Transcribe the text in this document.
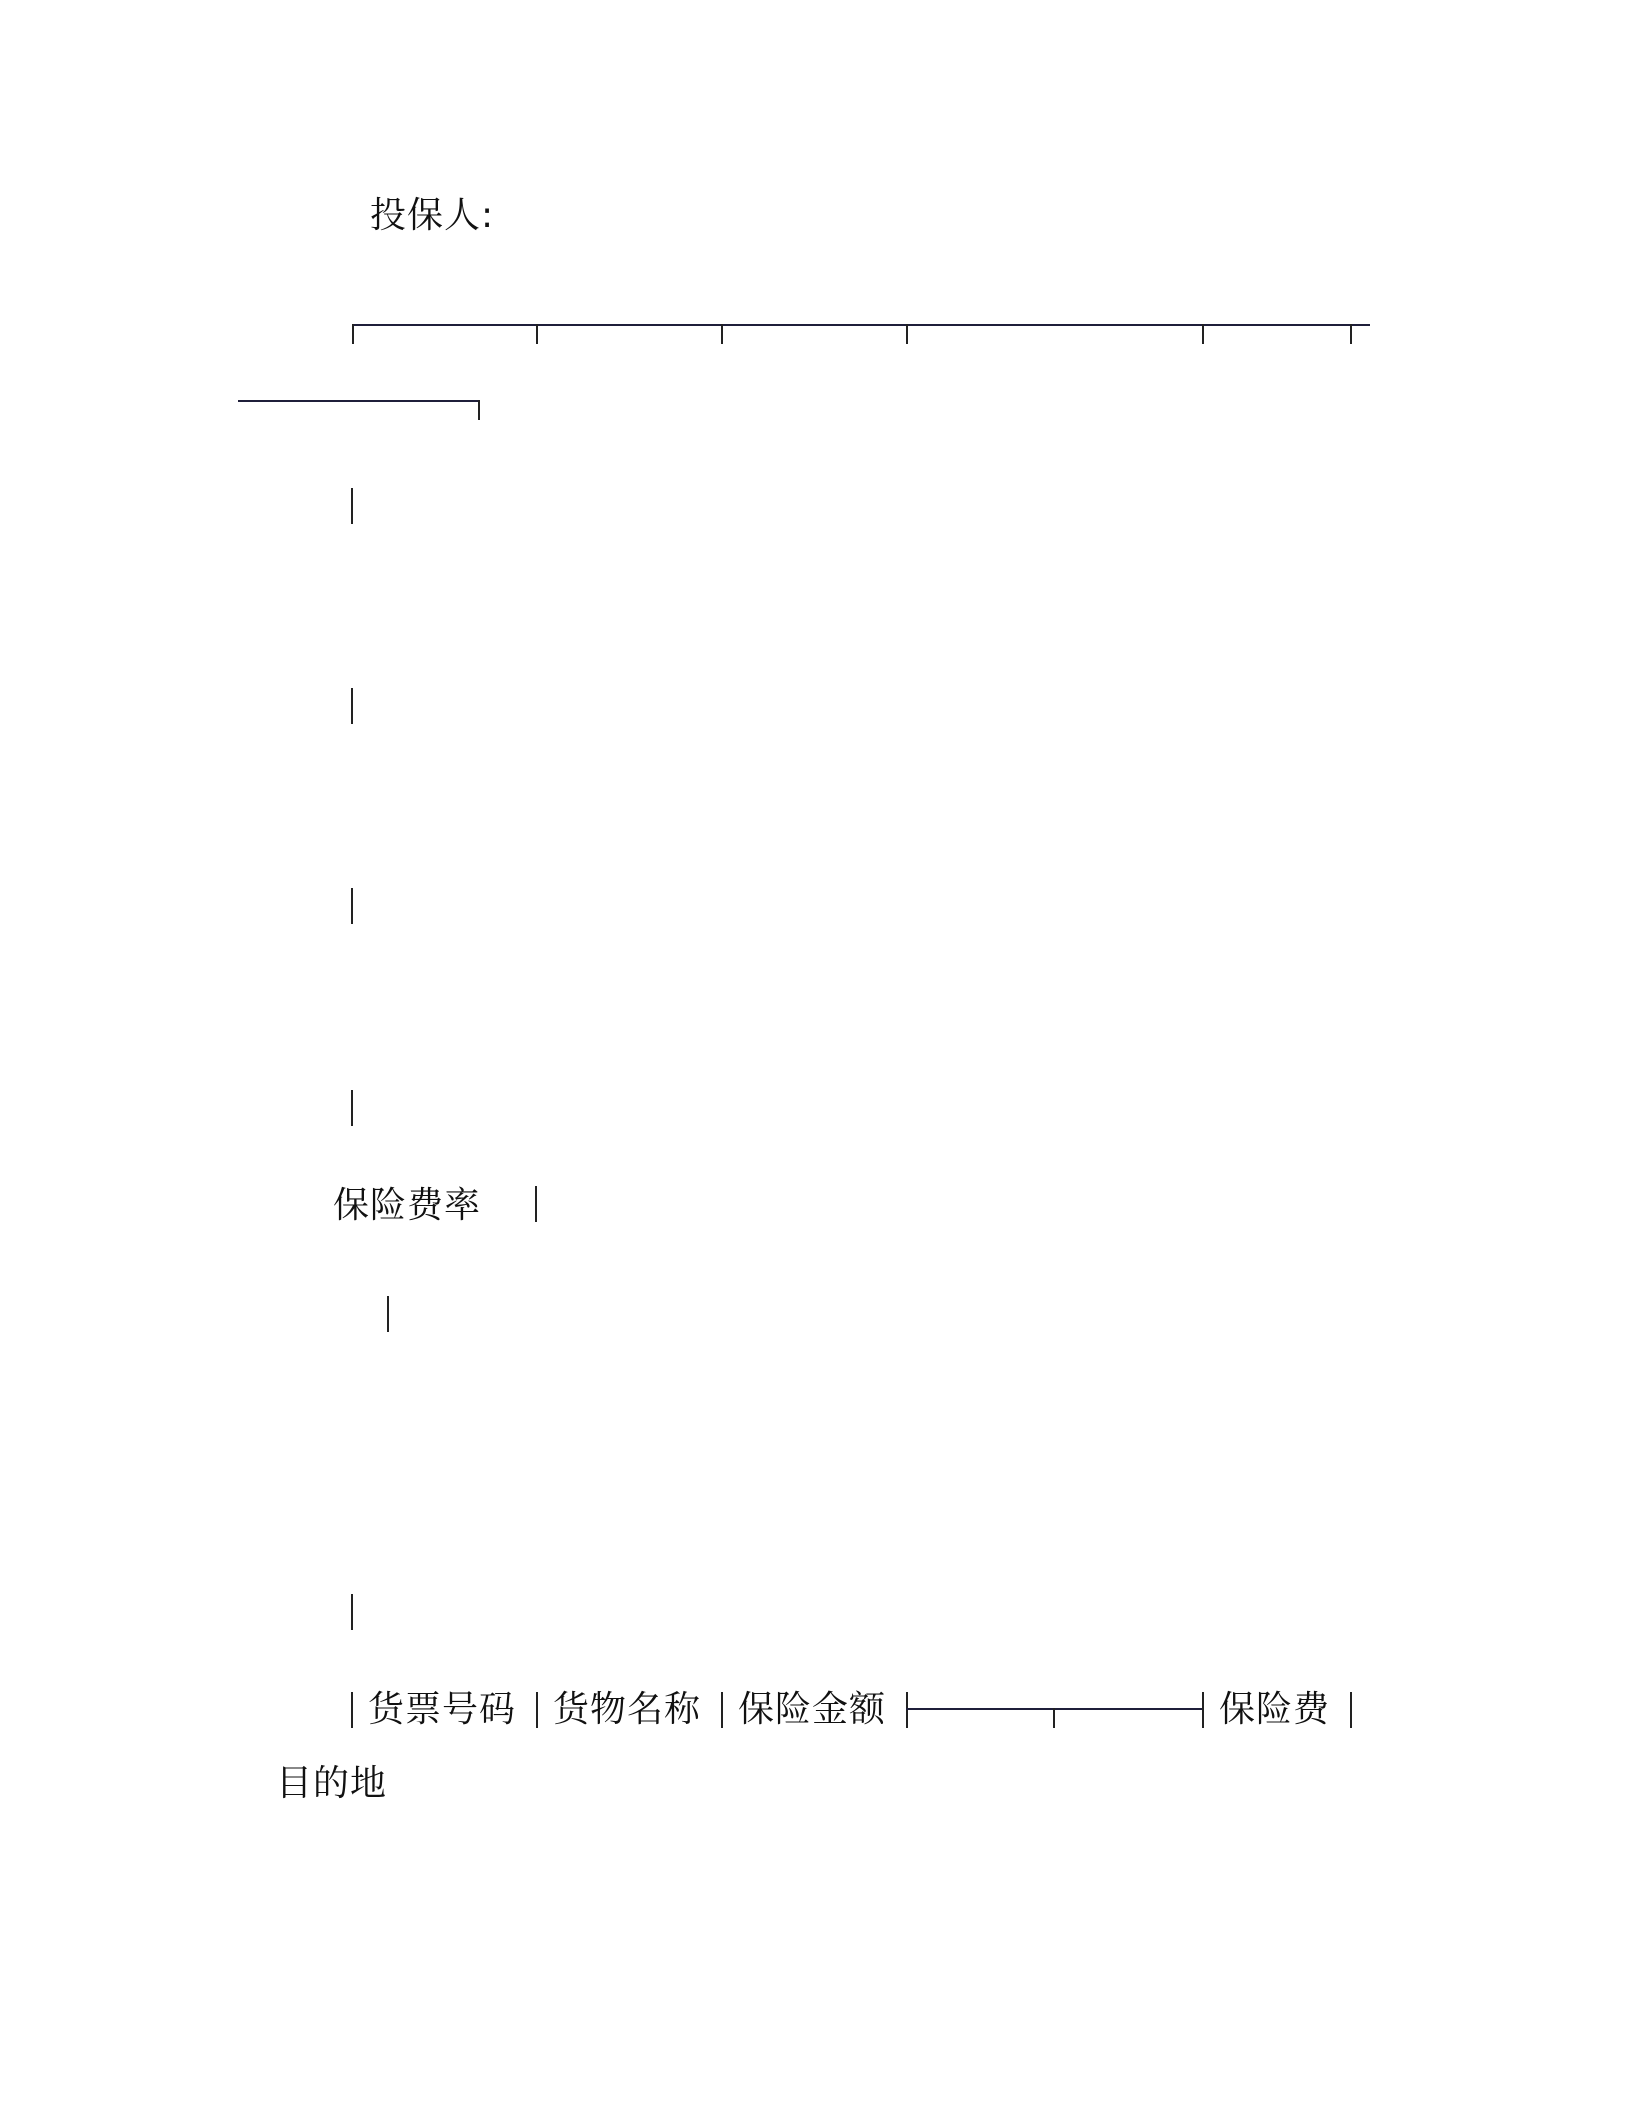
投保人:
保险费率
货票号码 货物名称 保险金额	保险费
目的地
